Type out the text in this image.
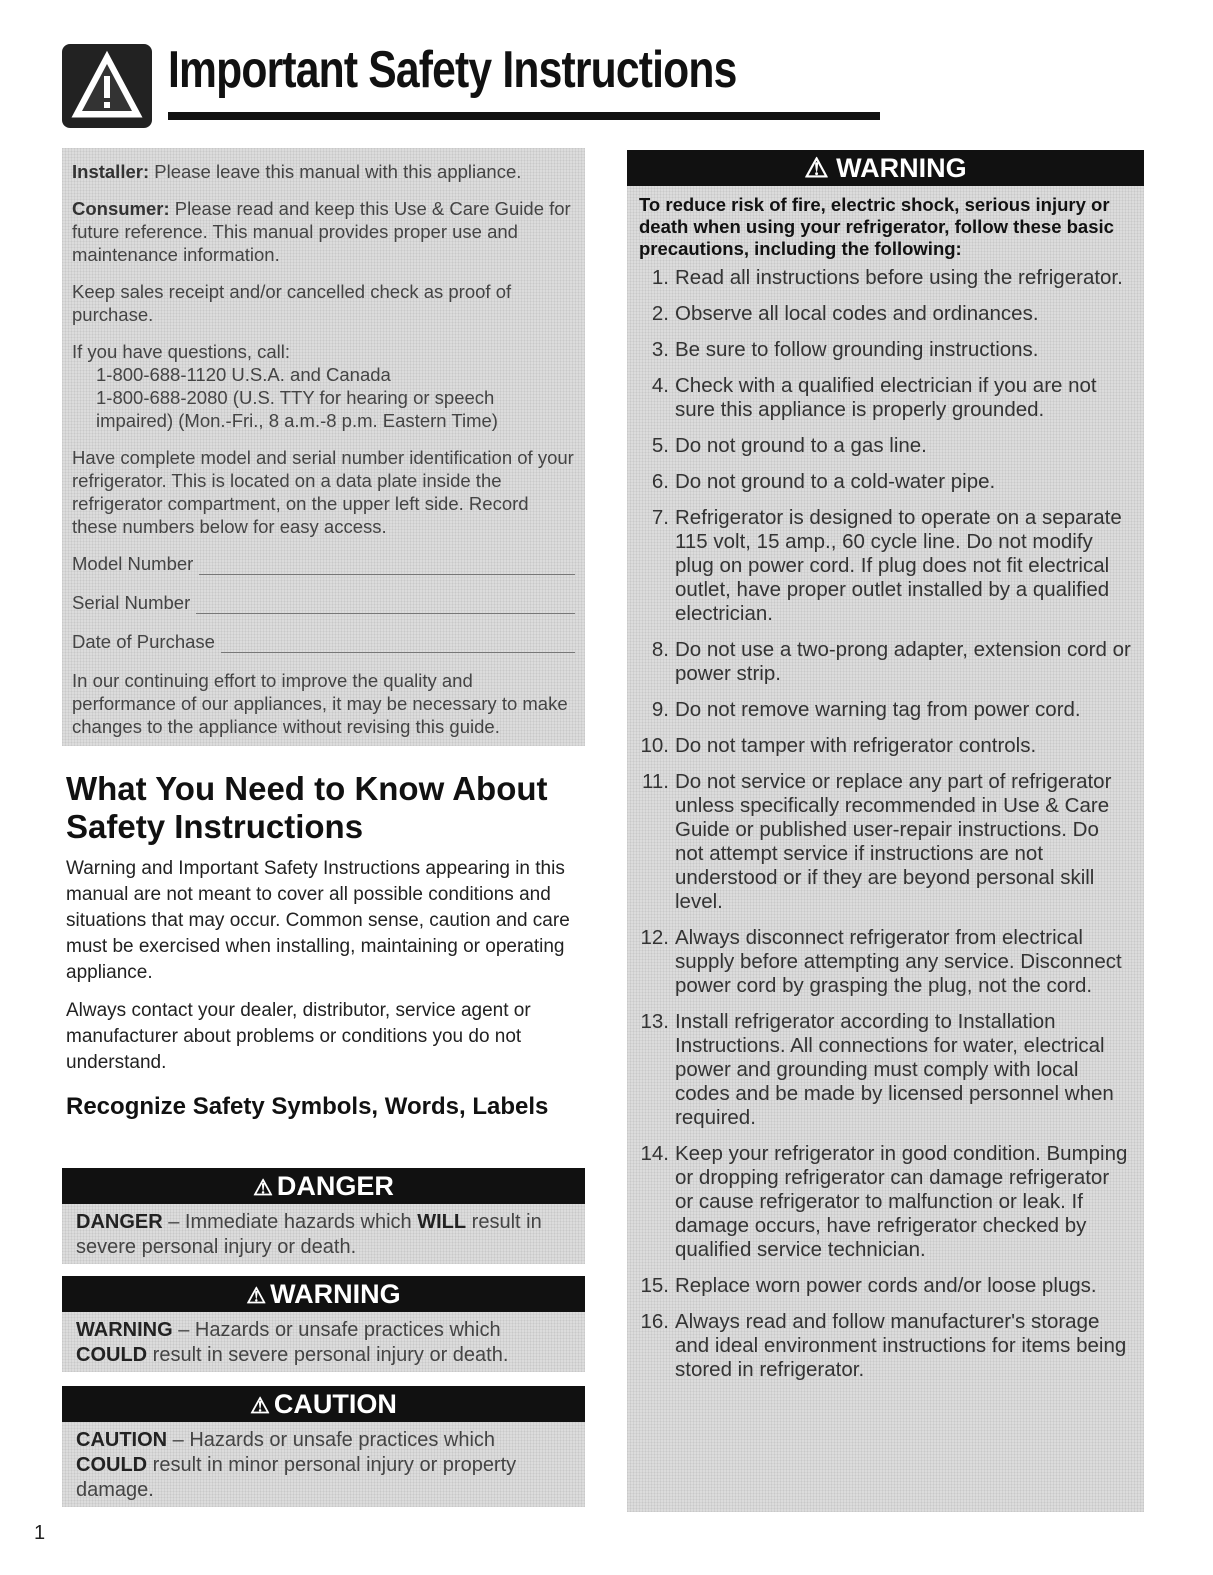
Important Safety Instructions

Installer: Please leave this manual with this appliance.

Consumer: Please read and keep this Use & Care Guide for future reference. This manual provides proper use and maintenance information.

Keep sales receipt and/or cancelled check as proof of purchase.

If you have questions, call:

1-800-688-1120 U.S.A. and Canada
1-800-688-2080 (U.S. TTY for hearing or speech impaired) (Mon.-Fri., 8 a.m.-8 p.m. Eastern Time)

Have complete model and serial number identification of your refrigerator. This is located on a data plate inside the refrigerator compartment, on the upper left side. Record these numbers below for easy access.

Model Number
Serial Number
Date of Purchase

In our continuing effort to improve the quality and performance of our appliances, it may be necessary to make changes to the appliance without revising this guide.

What You Need to Know About Safety Instructions

Warning and Important Safety Instructions appearing in this manual are not meant to cover all possible conditions and situations that may occur. Common sense, caution and care must be exercised when installing, maintaining or operating appliance.

Always contact your dealer, distributor, service agent or manufacturer about problems or conditions you do not understand.

Recognize Safety Symbols, Words, Labels
⚠ DANGER
DANGER – Immediate hazards which WILL result in severe personal injury or death.
⚠ WARNING
WARNING – Hazards or unsafe practices which COULD result in severe personal injury or death.
⚠ CAUTION
CAUTION – Hazards or unsafe practices which COULD result in minor personal injury or property damage.
⚠ WARNING
To reduce risk of fire, electric shock, serious injury or death when using your refrigerator, follow these basic precautions, including the following:
1. Read all instructions before using the refrigerator.
2. Observe all local codes and ordinances.
3. Be sure to follow grounding instructions.
4. Check with a qualified electrician if you are not sure this appliance is properly grounded.
5. Do not ground to a gas line.
6. Do not ground to a cold-water pipe.
7. Refrigerator is designed to operate on a separate 115 volt, 15 amp., 60 cycle line. Do not modify plug on power cord. If plug does not fit electrical outlet, have proper outlet installed by a qualified electrician.
8. Do not use a two-prong adapter, extension cord or power strip.
9. Do not remove warning tag from power cord.
10. Do not tamper with refrigerator controls.
11. Do not service or replace any part of refrigerator unless specifically recommended in Use & Care Guide or published user-repair instructions. Do not attempt service if instructions are not understood or if they are beyond personal skill level.
12. Always disconnect refrigerator from electrical supply before attempting any service. Disconnect power cord by grasping the plug, not the cord.
13. Install refrigerator according to Installation Instructions. All connections for water, electrical power and grounding must comply with local codes and be made by licensed personnel when required.
14. Keep your refrigerator in good condition. Bumping or dropping refrigerator can damage refrigerator or cause refrigerator to malfunction or leak. If damage occurs, have refrigerator checked by qualified service technician.
15. Replace worn power cords and/or loose plugs.
16. Always read and follow manufacturer's storage and ideal environment instructions for items being stored in refrigerator.
1
